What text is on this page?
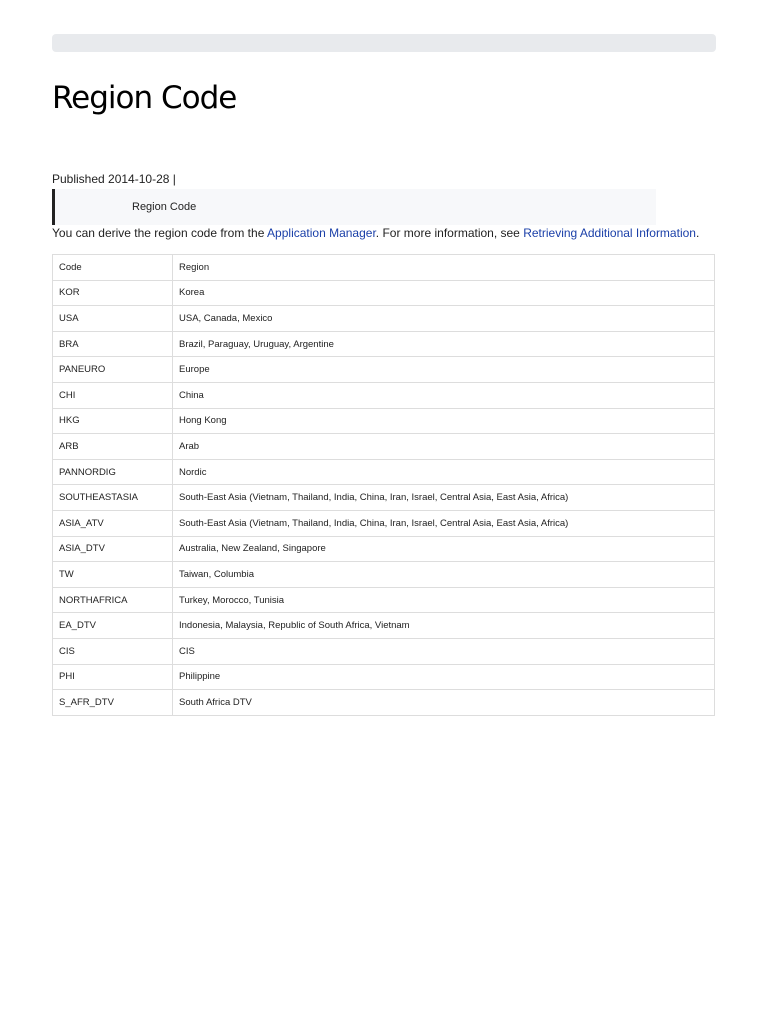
Region Code
Published 2014-10-28 |
Region Code
You can derive the region code from the Application Manager. For more information, see Retrieving Additional Information.
Code	Region
KOR	Korea
USA	USA, Canada, Mexico
BRA	Brazil, Paraguay, Uruguay, Argentine
PANEURO	Europe
CHI	China
HKG	Hong Kong
ARB	Arab
PANNORDIG	Nordic
SOUTHEASTASIA	South-East Asia (Vietnam, Thailand, India, China, Iran, Israel, Central Asia, East Asia, Africa)
ASIA_ATV	South-East Asia (Vietnam, Thailand, India, China, Iran, Israel, Central Asia, East Asia, Africa)
ASIA_DTV	Australia, New Zealand, Singapore
TW	Taiwan, Columbia
NORTHAFRICA	Turkey, Morocco, Tunisia
EA_DTV	Indonesia, Malaysia, Republic of South Africa, Vietnam
CIS	CIS
PHI	Philippine
S_AFR_DTV	South Africa DTV
